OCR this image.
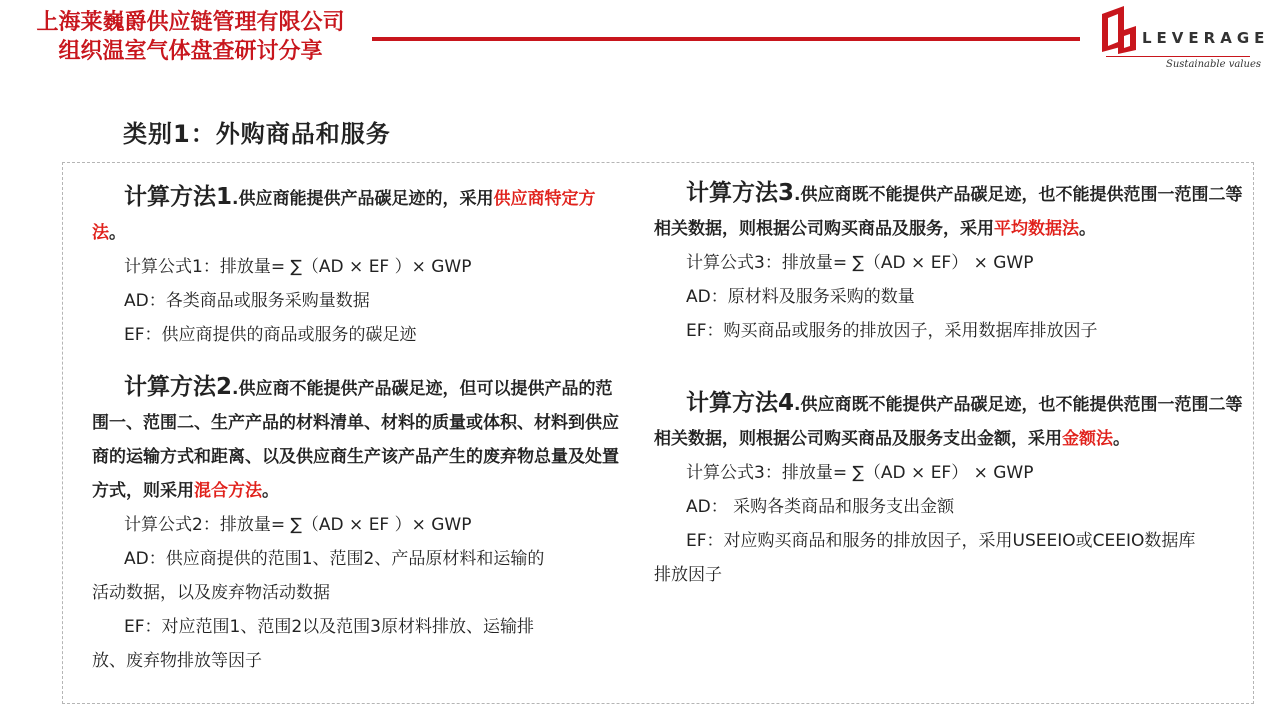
上海莱巍爵供应链管理有限公司
组织温室气体盘查研讨分享
LEVERAGE
Sustainable values
类别1：外购商品和服务

计算方法1.供应商能提供产品碳足迹的，采用供应商特定方法。

计算公式1：排放量= ∑（AD × EF ）× GWP

AD：各类商品或服务采购量数据

EF：供应商提供的商品或服务的碳足迹

计算方法2.供应商不能提供产品碳足迹，但可以提供产品的范围一、范围二、生产产品的材料清单、材料的质量或体积、材料到供应商的运输方式和距离、以及供应商生产该产品产生的废弃物总量及处置方式，则采用混合方法。

计算公式2：排放量= ∑（AD × EF ）× GWP

AD：供应商提供的范围1、范围2、产品原材料和运输的

活动数据，以及废弃物活动数据

EF：对应范围1、范围2以及范围3原材料排放、运输排

放、废弃物排放等因子

计算方法3.供应商既不能提供产品碳足迹，也不能提供范围一范围二等相关数据，则根据公司购买商品及服务，采用平均数据法。

计算公式3：排放量= ∑（AD × EF） × GWP

AD：原材料及服务采购的数量

EF：购买商品或服务的排放因子，采用数据库排放因子

计算方法4.供应商既不能提供产品碳足迹，也不能提供范围一范围二等相关数据，则根据公司购买商品及服务支出金额，采用金额法。

计算公式3：排放量= ∑（AD × EF） × GWP

AD： 采购各类商品和服务支出金额

EF：对应购买商品和服务的排放因子，采用USEEIO或CEEIO数据库

排放因子
